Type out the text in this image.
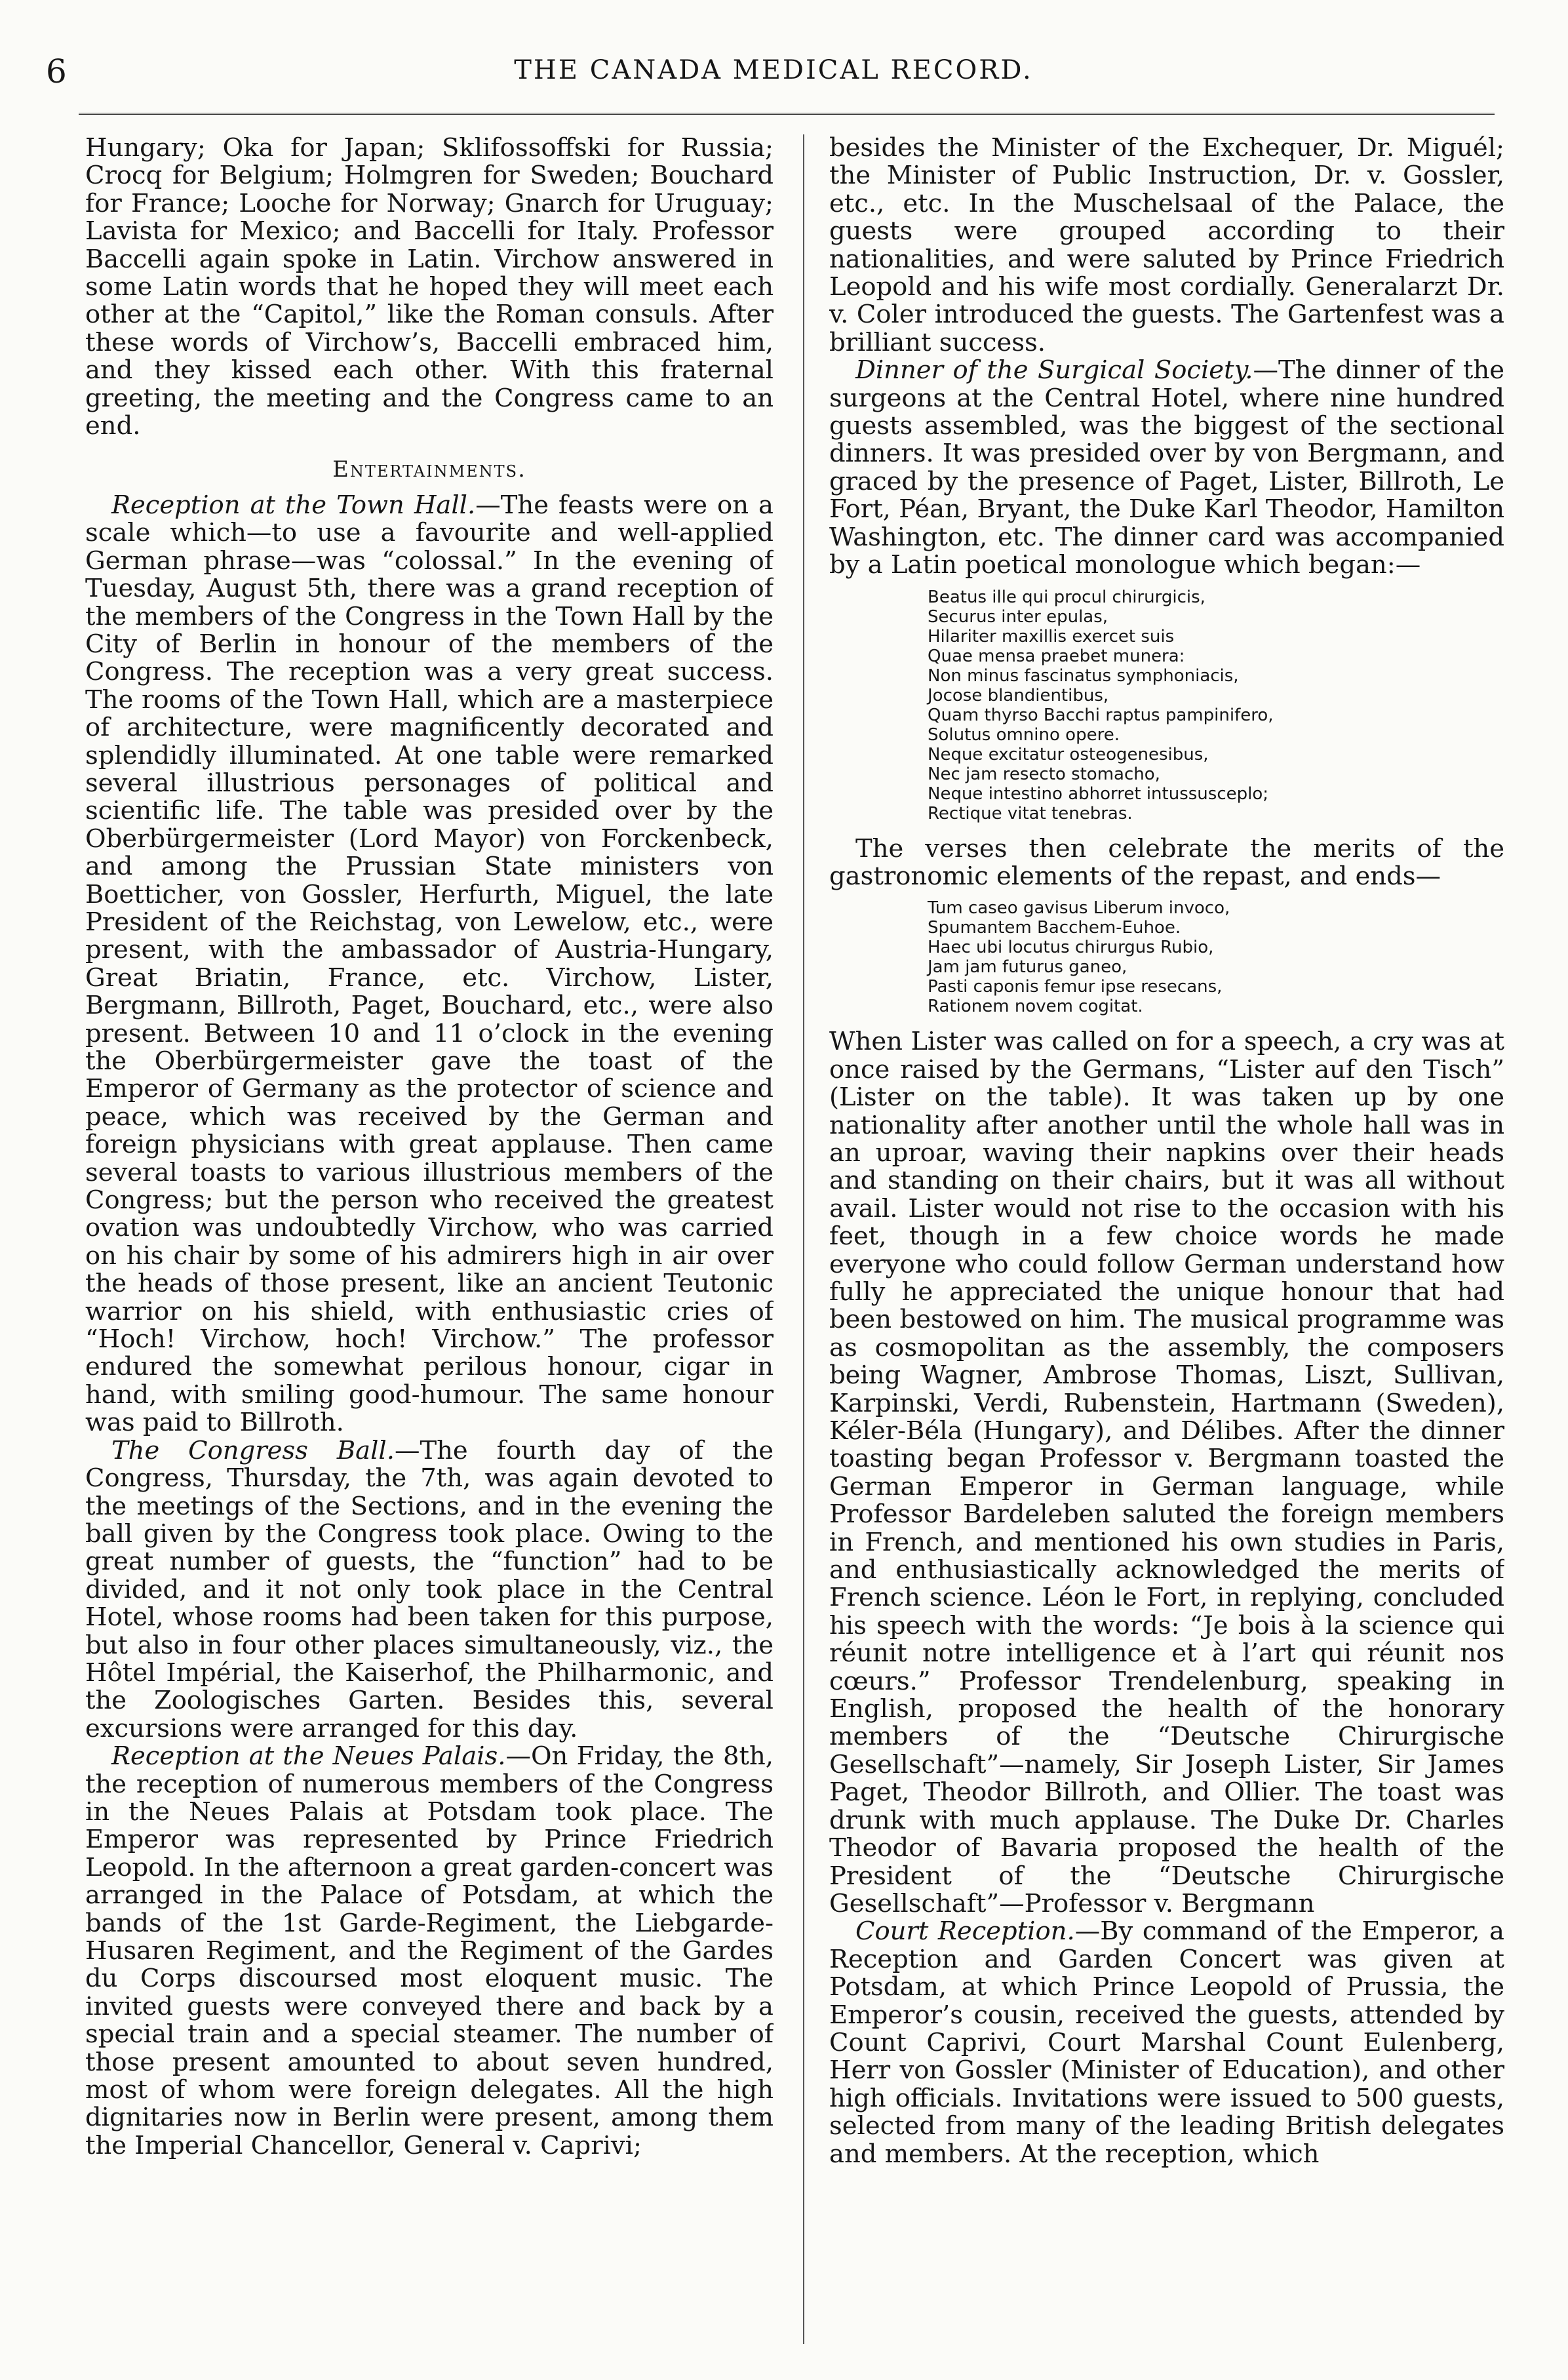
6	THE CANADA MEDICAL RECORD.

Hungary; Oka for Japan; Sklifossoffski for Russia; Crocq for Belgium; Holmgren for Sweden; Bouchard for France; Looche for Norway; Gnarch for Uruguay; Lavista for Mexico; and Baccelli for Italy. Professor Baccelli again spoke in Latin. Virchow answered in some Latin words that he hoped they will meet each other at the “Capitol,” like the Roman consuls. After these words of Virchow’s, Baccelli embraced him, and they kissed each other. With this fraternal greeting, the meeting and the Congress came to an end.

Entertainments.

Reception at the Town Hall.—The feasts were on a scale which—to use a favourite and well-applied German phrase—was “colossal.” In the evening of Tuesday, August 5th, there was a grand reception of the members of the Congress in the Town Hall by the City of Berlin in honour of the members of the Congress. The reception was a very great success. The rooms of the Town Hall, which are a masterpiece of architecture, were magnificently decorated and splendidly illuminated. At one table were remarked several illustrious personages of political and scientific life. The table was presided over by the Oberbürgermeister (Lord Mayor) von Forckenbeck, and among the Prussian State ministers von Boetticher, von Gossler, Herfurth, Miguel, the late President of the Reichstag, von Lewelow, etc., were present, with the ambassador of Austria-Hungary, Great Briatin, France, etc. Virchow, Lister, Bergmann, Billroth, Paget, Bouchard, etc., were also present. Between 10 and 11 o’clock in the evening the Oberbürgermeister gave the toast of the Emperor of Germany as the protector of science and peace, which was received by the German and foreign physicians with great applause. Then came several toasts to various illustrious members of the Congress; but the person who received the greatest ovation was undoubtedly Virchow, who was carried on his chair by some of his admirers high in air over the heads of those present, like an ancient Teutonic warrior on his shield, with enthusiastic cries of “Hoch! Virchow, hoch! Virchow.” The professor endured the somewhat perilous honour, cigar in hand, with smiling good-humour. The same honour was paid to Billroth.

The Congress Ball.—The fourth day of the Congress, Thursday, the 7th, was again devoted to the meetings of the Sections, and in the evening the ball given by the Congress took place. Owing to the great number of guests, the “function” had to be divided, and it not only took place in the Central Hotel, whose rooms had been taken for this purpose, but also in four other places simultaneously, viz., the Hôtel Impérial, the Kaiserhof, the Philharmonic, and the Zoologisches Garten. Besides this, several excursions were arranged for this day.

Reception at the Neues Palais.—On Friday, the 8th, the reception of numerous members of the Congress in the Neues Palais at Potsdam took place. The Emperor was represented by Prince Friedrich Leopold. In the afternoon a great garden-concert was arranged in the Palace of Potsdam, at which the bands of the 1st Garde-Regiment, the Liebgarde-Husaren Regiment, and the Regiment of the Gardes du Corps discoursed most eloquent music. The invited guests were conveyed there and back by a special train and a special steamer. The number of those present amounted to about seven hundred, most of whom were foreign delegates. All the high dignitaries now in Berlin were present, among them the Imperial Chancellor, General v. Caprivi;

besides the Minister of the Exchequer, Dr. Miguél; the Minister of Public Instruction, Dr. v. Gossler, etc., etc. In the Muschelsaal of the Palace, the guests were grouped according to their nationalities, and were saluted by Prince Friedrich Leopold and his wife most cordially. Generalarzt Dr. v. Coler introduced the guests. The Gartenfest was a brilliant success.

Dinner of the Surgical Society.—The dinner of the surgeons at the Central Hotel, where nine hundred guests assembled, was the biggest of the sectional dinners. It was presided over by von Bergmann, and graced by the presence of Paget, Lister, Billroth, Le Fort, Péan, Bryant, the Duke Karl Theodor, Hamilton Washington, etc. The dinner card was accompanied by a Latin poetical monologue which began:—

Beatus ille qui procul chirurgicis,
Securus inter epulas,
Hilariter maxillis exercet suis
Quae mensa praebet munera:
Non minus fascinatus symphoniacis,
Jocose blandientibus,
Quam thyrso Bacchi raptus pampinifero,
Solutus omnino opere.
Neque excitatur osteogenesibus,
Nec jam resecto stomacho,
Neque intestino abhorret intussusceplo;
Rectique vitat tenebras.

The verses then celebrate the merits of the gastronomic elements of the repast, and ends—

Tum caseo gavisus Liberum invoco,
Spumantem Bacchem-Euhoe.
Haec ubi locutus chirurgus Rubio,
Jam jam futurus ganeo,
Pasti caponis femur ipse resecans,
Rationem novem cogitat.

When Lister was called on for a speech, a cry was at once raised by the Germans, “Lister auf den Tisch” (Lister on the table). It was taken up by one nationality after another until the whole hall was in an uproar, waving their napkins over their heads and standing on their chairs, but it was all without avail. Lister would not rise to the occasion with his feet, though in a few choice words he made everyone who could follow German understand how fully he appreciated the unique honour that had been bestowed on him. The musical programme was as cosmopolitan as the assembly, the composers being Wagner, Ambrose Thomas, Liszt, Sullivan, Karpinski, Verdi, Rubenstein, Hartmann (Sweden), Kéler-Béla (Hungary), and Délibes. After the dinner toasting began Professor v. Bergmann toasted the German Emperor in German language, while Professor Bardeleben saluted the foreign members in French, and mentioned his own studies in Paris, and enthusiastically acknowledged the merits of French science. Léon le Fort, in replying, concluded his speech with the words: “Je bois à la science qui réunit notre intelligence et à l’art qui réunit nos cœurs.” Professor Trendelenburg, speaking in English, proposed the health of the honorary members of the “Deutsche Chirurgische Gesellschaft”—namely, Sir Joseph Lister, Sir James Paget, Theodor Billroth, and Ollier. The toast was drunk with much applause. The Duke Dr. Charles Theodor of Bavaria proposed the health of the President of the “Deutsche Chirurgische Gesellschaft”—Professor v. Bergmann

Court Reception.—By command of the Emperor, a Reception and Garden Concert was given at Potsdam, at which Prince Leopold of Prussia, the Emperor’s cousin, received the guests, attended by Count Caprivi, Court Marshal Count Eulenberg, Herr von Gossler (Minister of Education), and other high officials. Invitations were issued to 500 guests, selected from many of the leading British delegates and members. At the reception, which
